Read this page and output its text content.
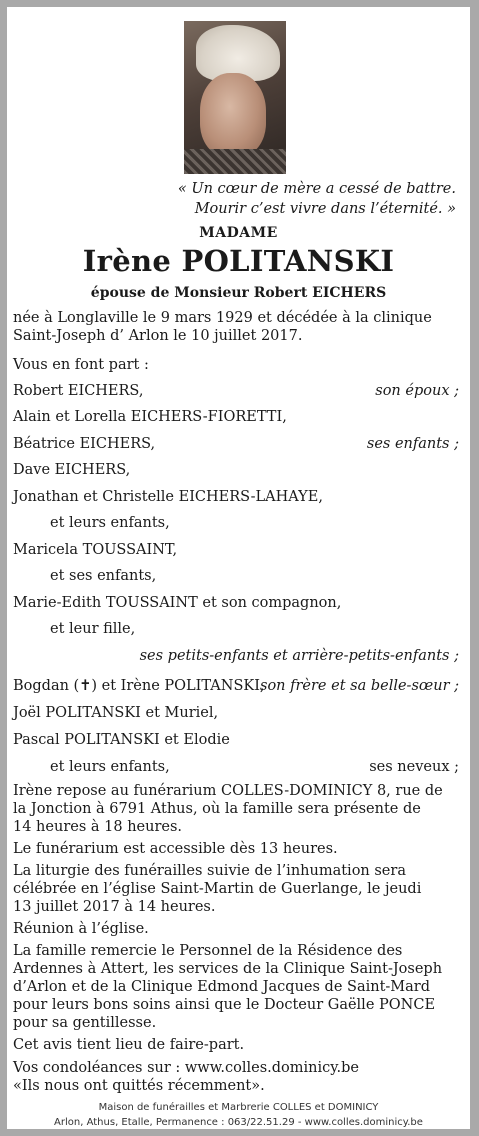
« Un cœur de mère a cessé de battre.
Mourir c’est vivre dans l’éternité. »
MADAME
Irène POLITANSKI
épouse de Monsieur Robert EICHERS
née à Longlaville le 9 mars 1929 et décédée à la clinique
Saint-Joseph d’ Arlon le 10 juillet 2017.
Vous en font part :
Robert EICHERS,	son époux ;
Alain et Lorella EICHERS-FIORETTI,
Béatrice EICHERS,	ses enfants ;
Dave EICHERS,
Jonathan et Christelle EICHERS-LAHAYE,
et leurs enfants,
Maricela TOUSSAINT,
et ses enfants,
Marie-Edith TOUSSAINT et son compagnon,
et leur fille,
ses petits-enfants et arrière-petits-enfants ;
Bogdan (✝) et Irène POLITANSKI,
son frère et sa belle-sœur ;
Joël POLITANSKI et Muriel,
Pascal POLITANSKI et Elodie
et leurs enfants,	ses neveux ;
Irène repose au funérarium COLLES-DOMINICY 8, rue de
la Jonction à 6791 Athus, où la famille sera présente de
14 heures à 18 heures.
Le funérarium est accessible dès 13 heures.
La liturgie des funérailles suivie de l’inhumation sera
célébrée en l’église Saint-Martin de Guerlange, le jeudi
13 juillet 2017 à 14 heures.
Réunion à l’église.
La famille remercie le Personnel de la Résidence des
Ardennes à Attert, les services de la Clinique Saint-Joseph
d’Arlon et de la Clinique Edmond Jacques de Saint-Mard
pour leurs bons soins ainsi que le Docteur Gaëlle PONCE
pour sa gentillesse.
Cet avis tient lieu de faire-part.
Vos condoléances sur : www.colles.dominicy.be
«Ils nous ont quittés récemment».
Maison de funérailles et Marbrerie COLLES et DOMINICY
Arlon, Athus, Etalle, Permanence : 063/22.51.29 - www.colles.dominicy.be
